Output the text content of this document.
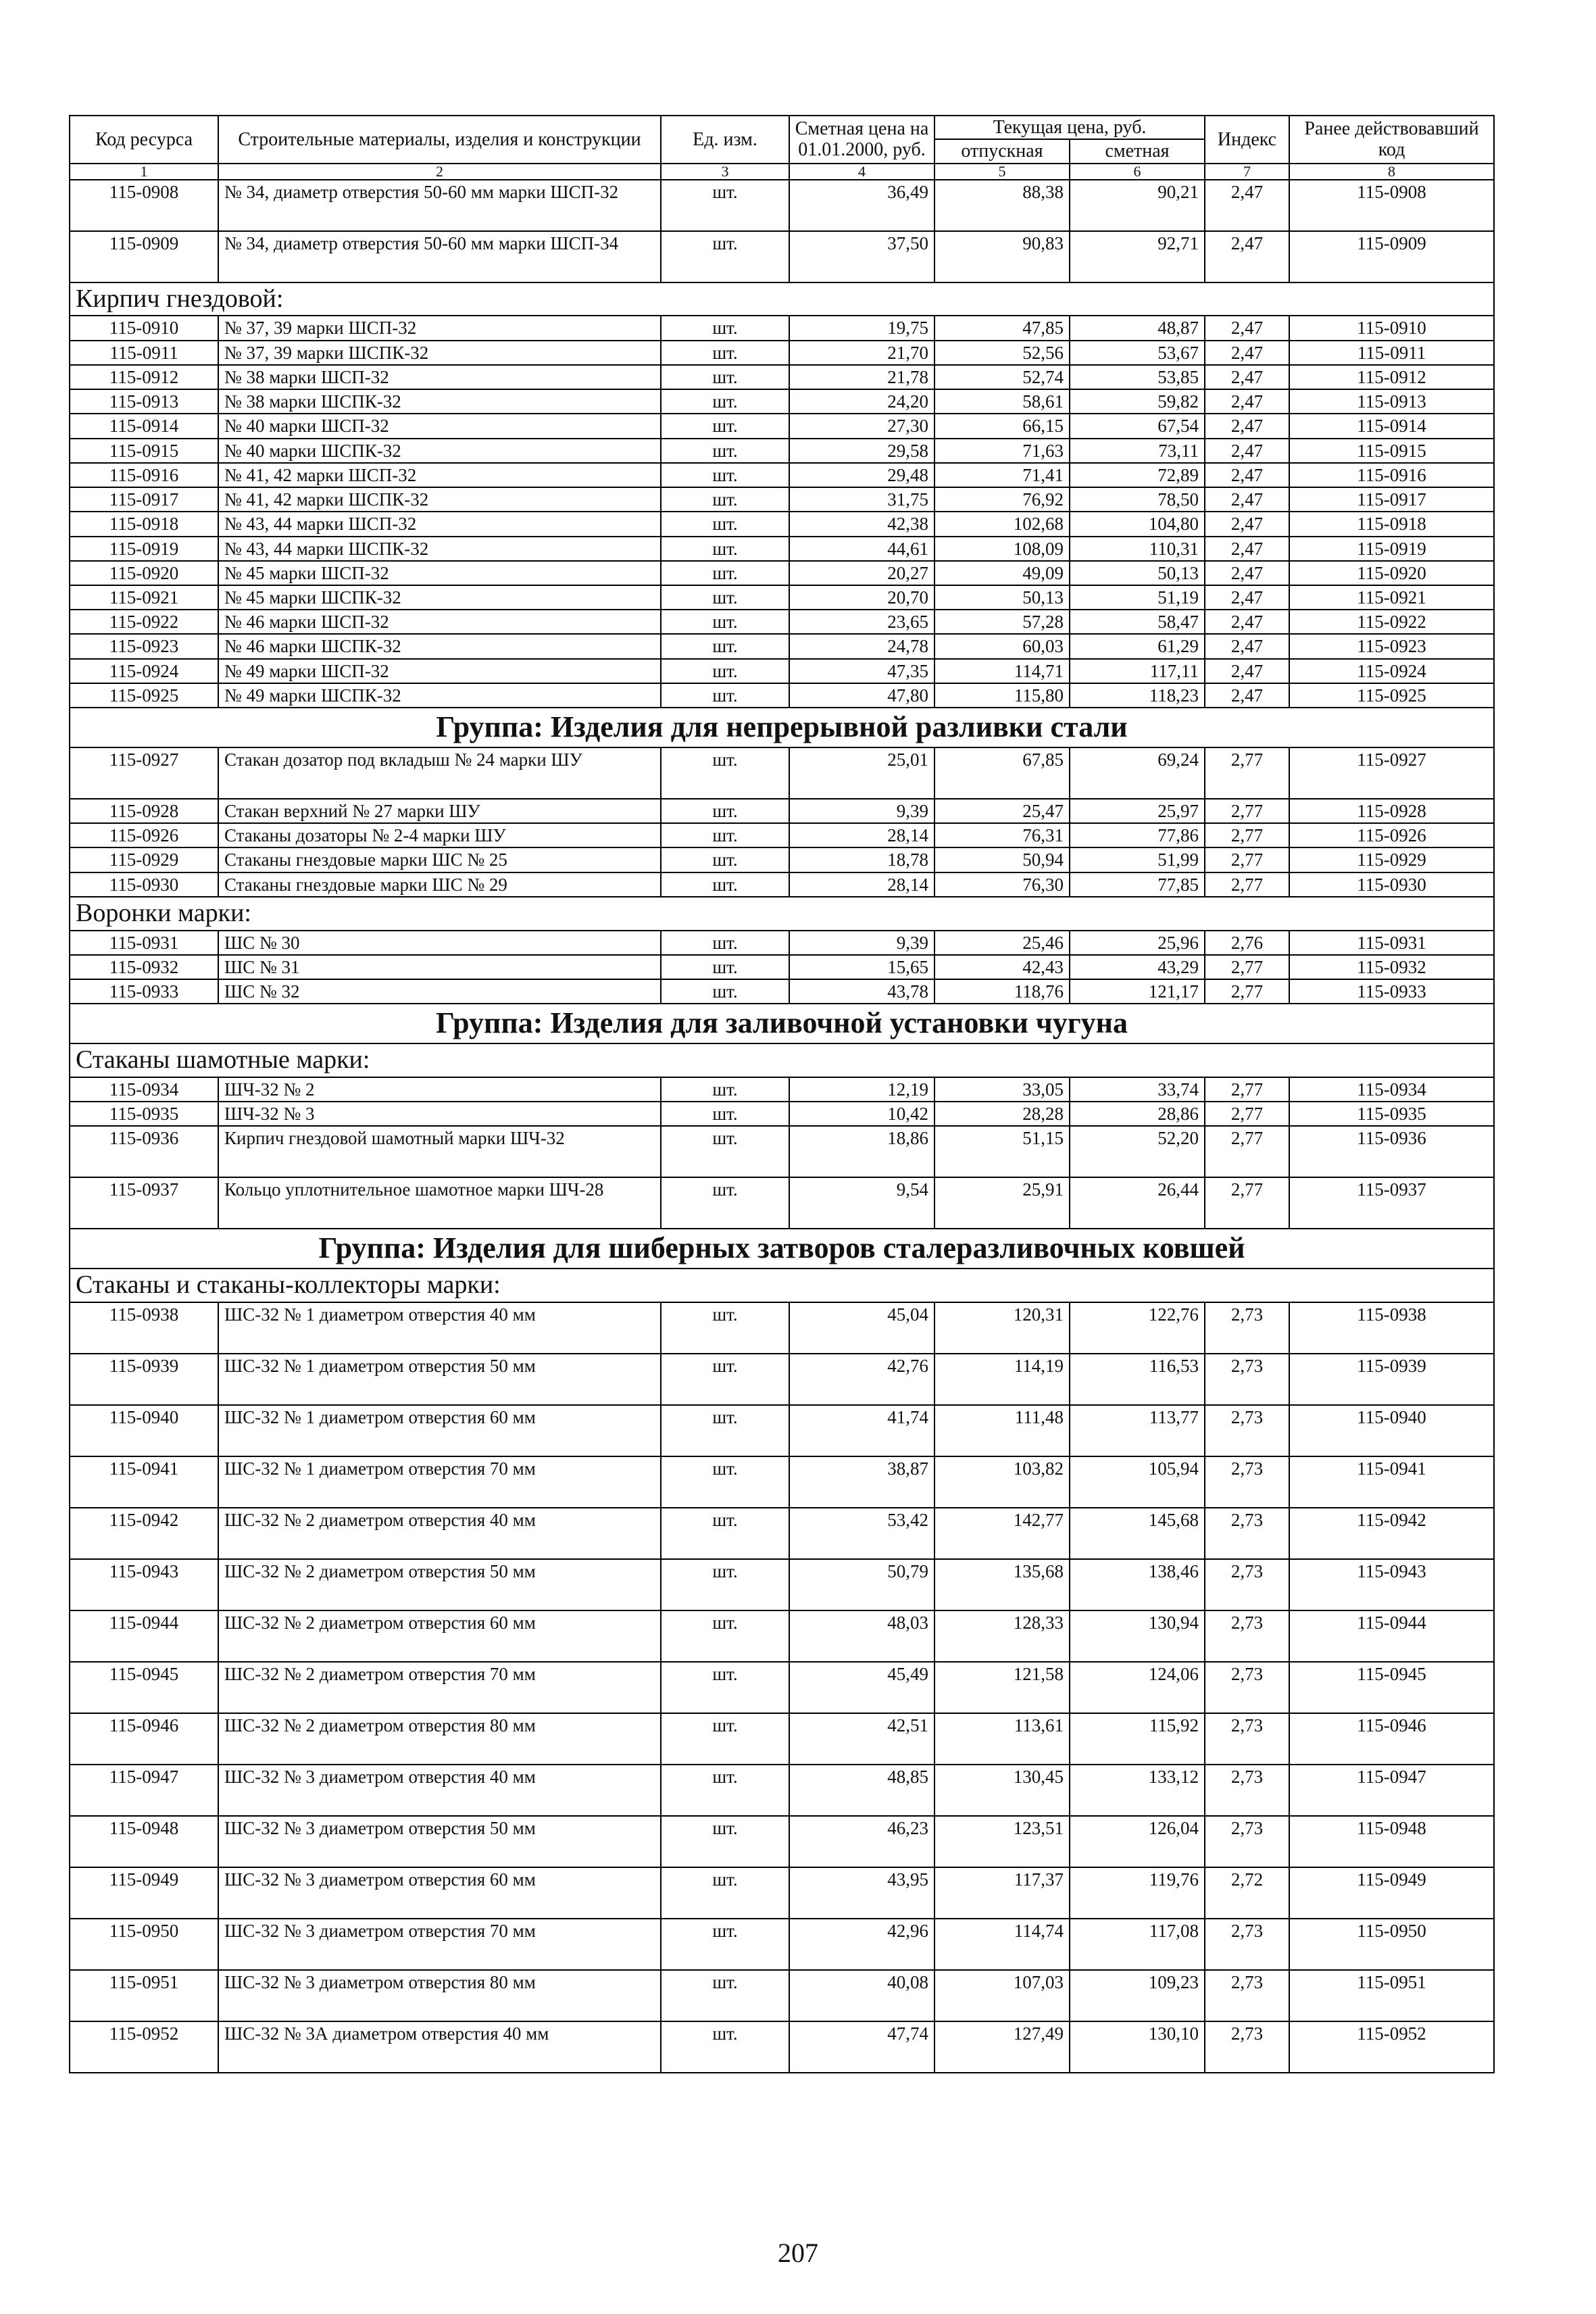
Код ресурса	Строительные материалы, изделия и конструкции	Ед. изм.	Сметная цена на 01.01.2000, руб.	Текущая цена, руб.		Индекс	Ранее действовавший код
				отпускная	сметная		
1	2	3	4	5	6	7	8
115-0908	№ 34, диаметр отверстия 50-60 мм марки ШСП-32	шт.	36,49	88,38	90,21	2,47	115-0908
115-0909	№ 34, диаметр отверстия 50-60 мм марки ШСП-34	шт.	37,50	90,83	92,71	2,47	115-0909
Кирпич гнездовой:							
115-0910	№ 37, 39 марки ШСП-32	шт.	19,75	47,85	48,87	2,47	115-0910
115-0911	№ 37, 39 марки ШСПК-32	шт.	21,70	52,56	53,67	2,47	115-0911
115-0912	№ 38 марки ШСП-32	шт.	21,78	52,74	53,85	2,47	115-0912
115-0913	№ 38 марки ШСПК-32	шт.	24,20	58,61	59,82	2,47	115-0913
115-0914	№ 40 марки ШСП-32	шт.	27,30	66,15	67,54	2,47	115-0914
115-0915	№ 40 марки ШСПК-32	шт.	29,58	71,63	73,11	2,47	115-0915
115-0916	№ 41, 42 марки ШСП-32	шт.	29,48	71,41	72,89	2,47	115-0916
115-0917	№ 41, 42 марки ШСПК-32	шт.	31,75	76,92	78,50	2,47	115-0917
115-0918	№ 43, 44 марки ШСП-32	шт.	42,38	102,68	104,80	2,47	115-0918
115-0919	№ 43, 44 марки ШСПК-32	шт.	44,61	108,09	110,31	2,47	115-0919
115-0920	№ 45 марки ШСП-32	шт.	20,27	49,09	50,13	2,47	115-0920
115-0921	№ 45 марки ШСПК-32	шт.	20,70	50,13	51,19	2,47	115-0921
115-0922	№ 46 марки ШСП-32	шт.	23,65	57,28	58,47	2,47	115-0922
115-0923	№ 46 марки ШСПК-32	шт.	24,78	60,03	61,29	2,47	115-0923
115-0924	№ 49 марки ШСП-32	шт.	47,35	114,71	117,11	2,47	115-0924
115-0925	№ 49 марки ШСПК-32	шт.	47,80	115,80	118,23	2,47	115-0925
Группа: Изделия для непрерывной разливки стали							
115-0927	Стакан дозатор под вкладыш № 24 марки ШУ	шт.	25,01	67,85	69,24	2,77	115-0927
115-0928	Стакан верхний № 27 марки ШУ	шт.	9,39	25,47	25,97	2,77	115-0928
115-0926	Стаканы дозаторы № 2-4 марки ШУ	шт.	28,14	76,31	77,86	2,77	115-0926
115-0929	Стаканы гнездовые марки ШС № 25	шт.	18,78	50,94	51,99	2,77	115-0929
115-0930	Стаканы гнездовые марки ШС № 29	шт.	28,14	76,30	77,85	2,77	115-0930
Воронки марки:							
115-0931	ШС № 30	шт.	9,39	25,46	25,96	2,76	115-0931
115-0932	ШС № 31	шт.	15,65	42,43	43,29	2,77	115-0932
115-0933	ШС № 32	шт.	43,78	118,76	121,17	2,77	115-0933
Группа: Изделия для заливочной установки чугуна							
Стаканы шамотные марки:							
115-0934	ШЧ-32 № 2	шт.	12,19	33,05	33,74	2,77	115-0934
115-0935	ШЧ-32 № 3	шт.	10,42	28,28	28,86	2,77	115-0935
115-0936	Кирпич гнездовой шамотный марки ШЧ-32	шт.	18,86	51,15	52,20	2,77	115-0936
115-0937	Кольцо уплотнительное шамотное марки ШЧ-28	шт.	9,54	25,91	26,44	2,77	115-0937
Группа: Изделия для шиберных затворов сталеразливочных ковшей							
Стаканы и стаканы-коллекторы марки:							
115-0938	ШС-32 № 1 диаметром отверстия 40 мм	шт.	45,04	120,31	122,76	2,73	115-0938
115-0939	ШС-32 № 1 диаметром отверстия 50 мм	шт.	42,76	114,19	116,53	2,73	115-0939
115-0940	ШС-32 № 1 диаметром отверстия 60 мм	шт.	41,74	111,48	113,77	2,73	115-0940
115-0941	ШС-32 № 1 диаметром отверстия 70 мм	шт.	38,87	103,82	105,94	2,73	115-0941
115-0942	ШС-32 № 2 диаметром отверстия 40 мм	шт.	53,42	142,77	145,68	2,73	115-0942
115-0943	ШС-32 № 2 диаметром отверстия 50 мм	шт.	50,79	135,68	138,46	2,73	115-0943
115-0944	ШС-32 № 2 диаметром отверстия 60 мм	шт.	48,03	128,33	130,94	2,73	115-0944
115-0945	ШС-32 № 2 диаметром отверстия 70 мм	шт.	45,49	121,58	124,06	2,73	115-0945
115-0946	ШС-32 № 2 диаметром отверстия 80 мм	шт.	42,51	113,61	115,92	2,73	115-0946
115-0947	ШС-32 № 3 диаметром отверстия 40 мм	шт.	48,85	130,45	133,12	2,73	115-0947
115-0948	ШС-32 № 3 диаметром отверстия 50 мм	шт.	46,23	123,51	126,04	2,73	115-0948
115-0949	ШС-32 № 3 диаметром отверстия 60 мм	шт.	43,95	117,37	119,76	2,72	115-0949
115-0950	ШС-32 № 3 диаметром отверстия 70 мм	шт.	42,96	114,74	117,08	2,73	115-0950
115-0951	ШС-32 № 3 диаметром отверстия 80 мм	шт.	40,08	107,03	109,23	2,73	115-0951
115-0952	ШС-32 № 3А диаметром отверстия 40 мм	шт.	47,74	127,49	130,10	2,73	115-0952
207
